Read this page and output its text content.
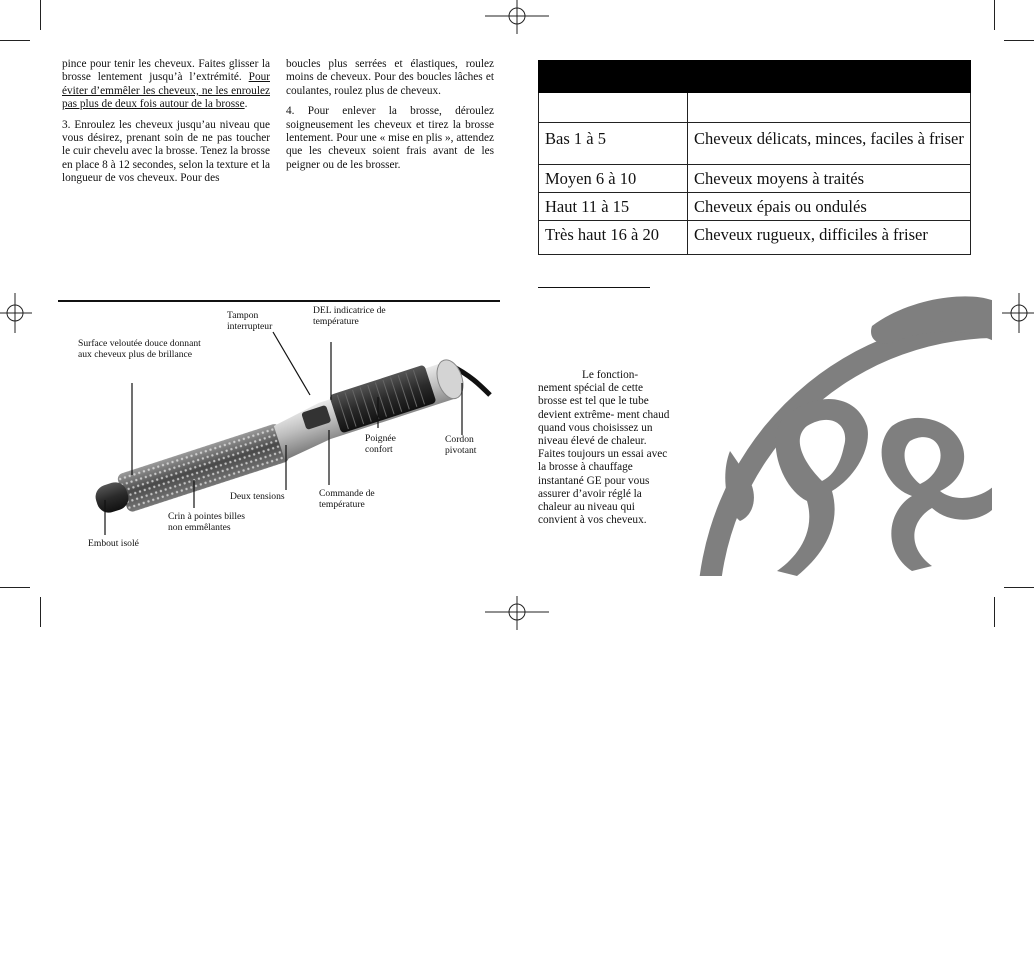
pince pour tenir les cheveux. Faites glisser la brosse lentement jusqu’à l’extrémité. Pour éviter d’emmêler les cheveux, ne les enroulez pas plus de deux fois autour de la brosse.

3. Enroulez les cheveux jusqu’au niveau que vous désirez, prenant soin de ne pas toucher le cuir chevelu avec la brosse. Tenez la brosse en place 8 à 12 secondes, selon la texture et la longueur de vos cheveux. Pour des

boucles plus serrées et élastiques, roulez moins de cheveux. Pour des boucles lâches et coulantes, roulez plus de cheveux.

4. Pour enlever la brosse, déroulez soigneusement les cheveux et tirez la brosse lentement. Pour une « mise en plis », attendez que les cheveux soient frais avant de les peigner ou de les brosser.

Surface veloutée douce donnant aux cheveux plus de brillance
Tampon interrupteur
DEL indicatrice de température
Poignée confort
Cordon pivotant
Deux tensions	Commande de température
Crin à pointes billes non emmêlantes
Embout isolé

Bas 1 à 5	Cheveux délicats, minces, faciles à friser
Moyen 6 à 10	Cheveux moyens à traités
Haut 11 à 15	Cheveux épais ou ondulés
Très haut 16 à 20	Cheveux rugueux, difficiles à friser
Le fonction- nement spécial de cette brosse est tel que le tube devient extrême- ment chaud quand vous choisissez un niveau élevé de chaleur. Faites toujours un essai avec la brosse à chauffage instantané GE pour vous assurer d’avoir réglé la chaleur au niveau qui convient à vos cheveux.
